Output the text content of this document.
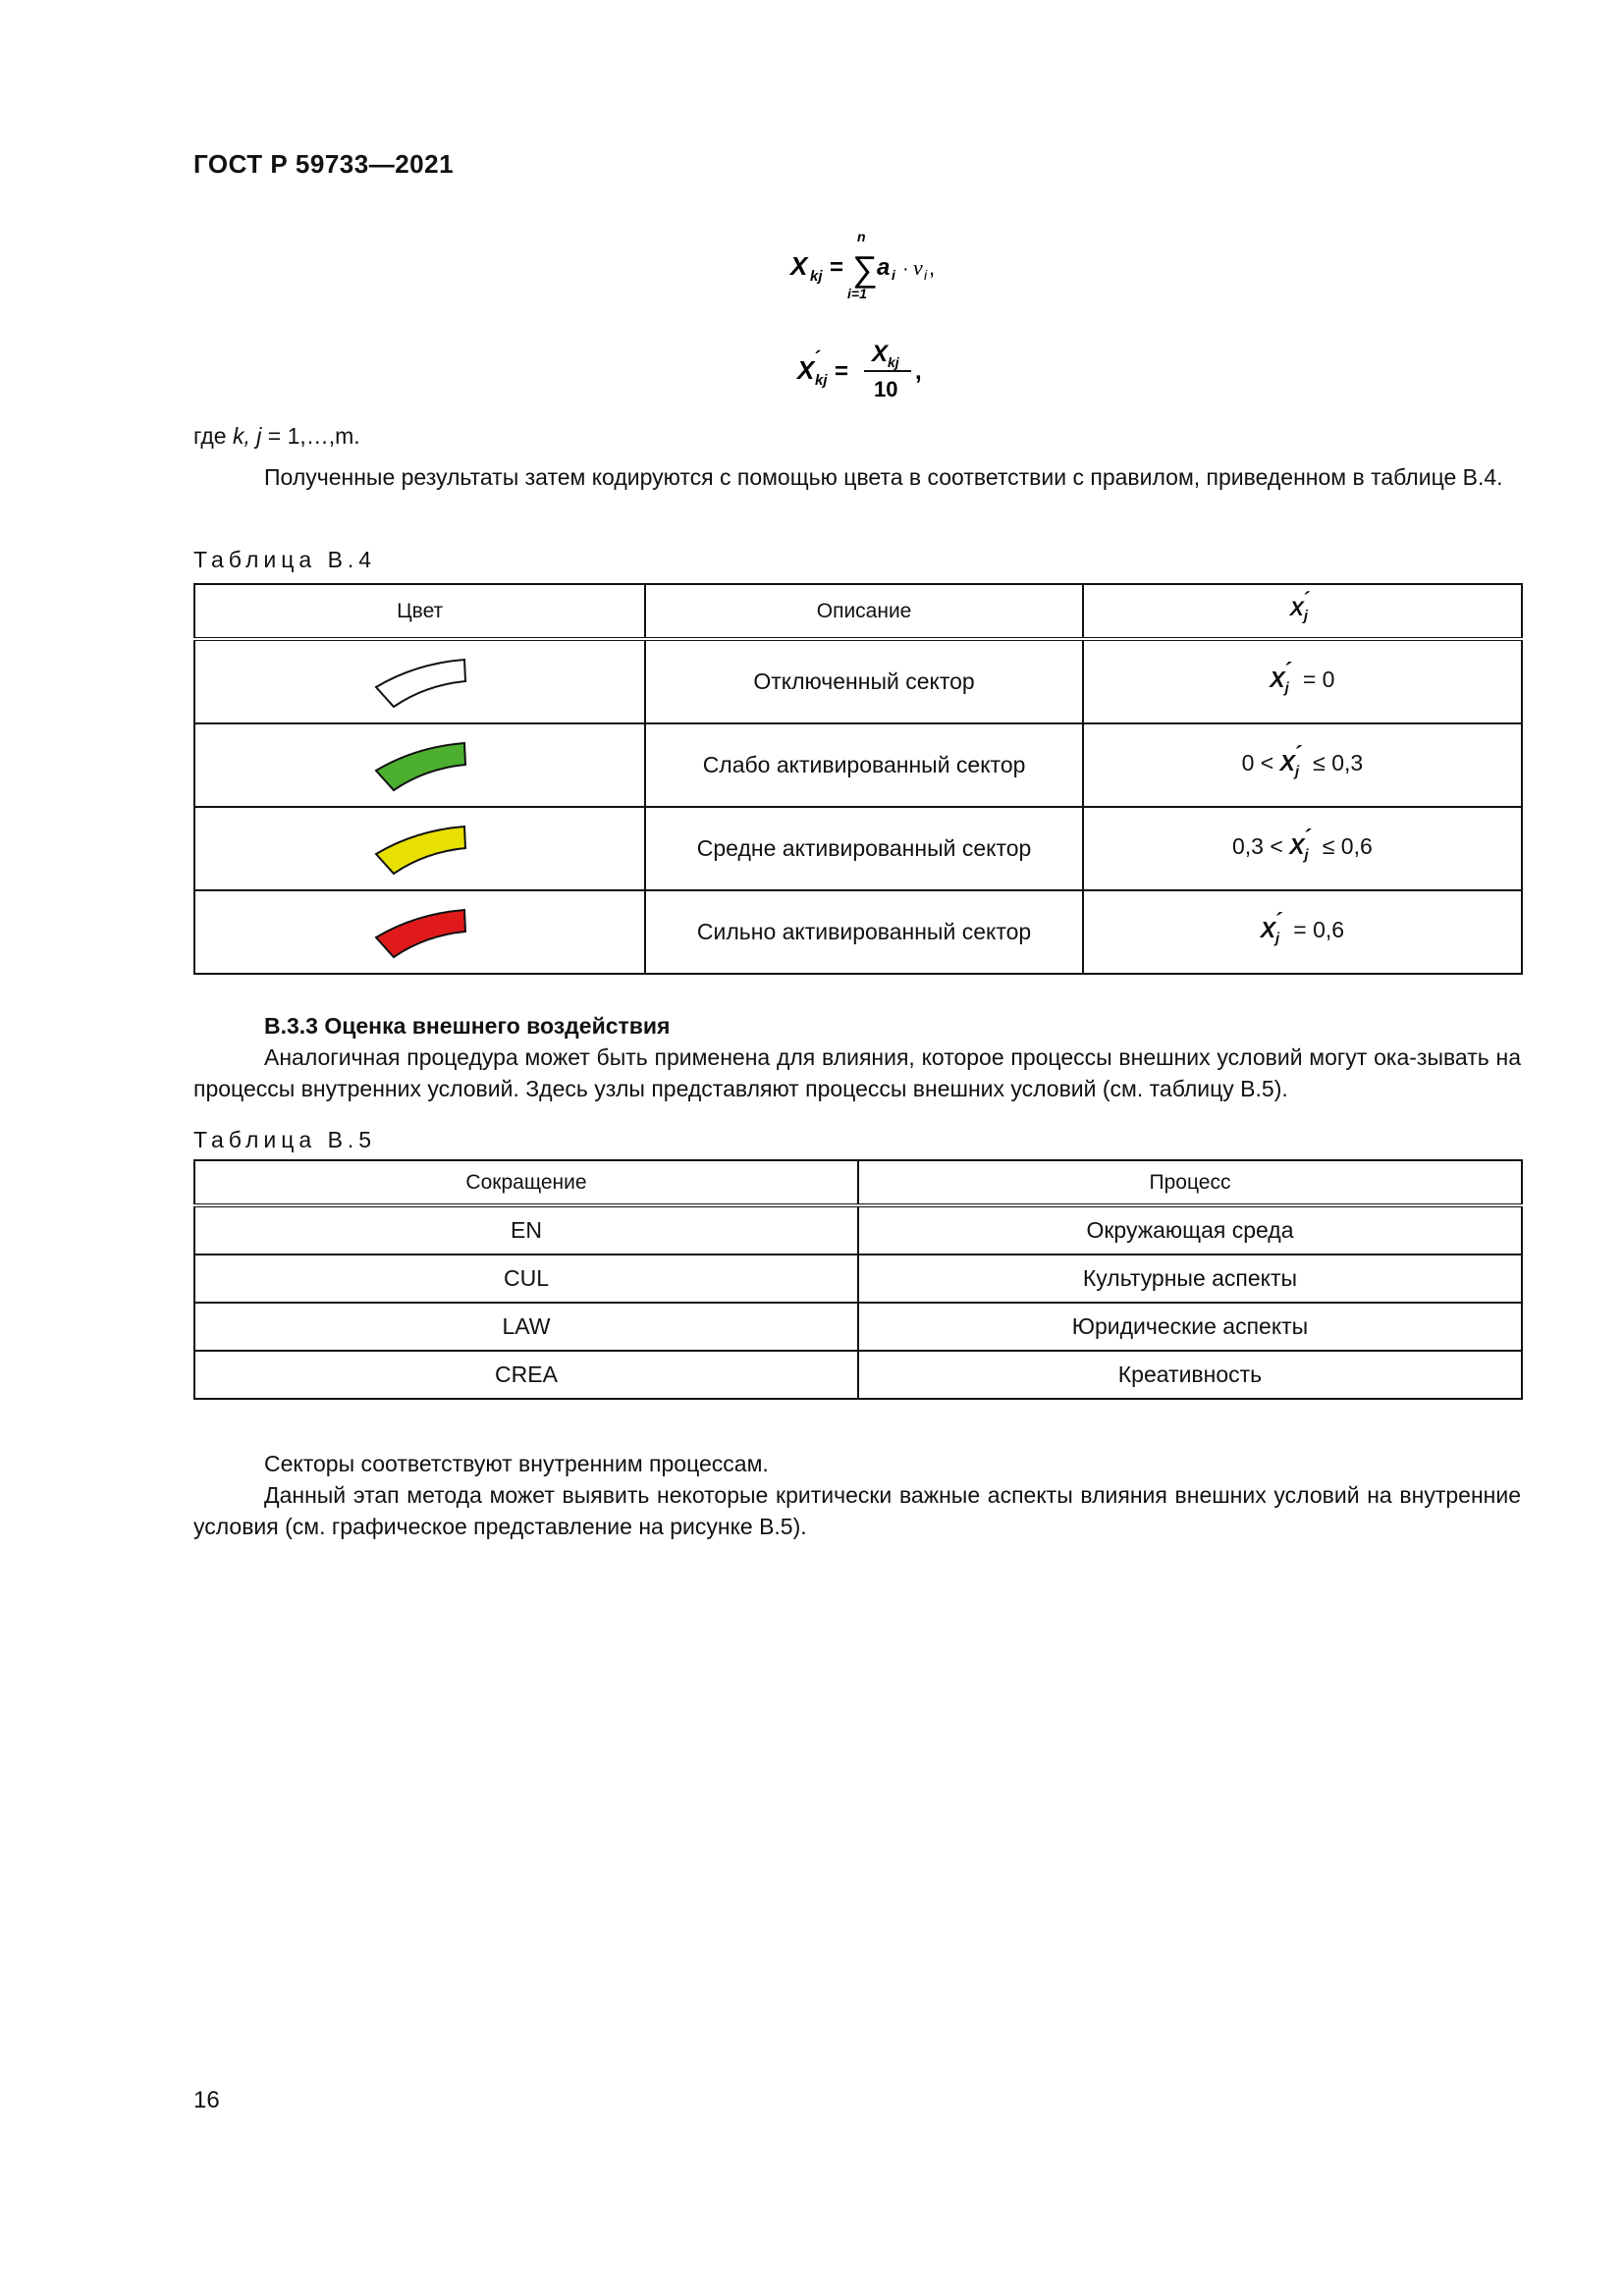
ГОСТ Р 59733—2021
X kj = ∑
n
i=1
a i · v i ,
X
´
kj =
X kj
10
,
где k, j = 1,…,m.
Полученные результаты затем кодируются с помощью цвета в соответствии с правилом, приведенном в таблице В.4.
Таблица В.4
Цвет	Описание	$X_j´$
	Отключенный сектор	$X_j´ = 0$
	Слабо активированный сектор	$0 < X_j´ \le 0,3$
	Средне активированный сектор	$0,3 < X_j´ \le 0,6$
	Сильно активированный сектор	$X_j´ = 0,6$
В.3.3 Оценка внешнего воздействия
Аналогичная процедура может быть применена для влияния, которое процессы внешних условий могут ока-зывать на процессы внутренних условий. Здесь узлы представляют процессы внешних условий (см. таблицу В.5).
Таблица В.5
Сокращение	Процесс
EN	Окружающая среда
CUL	Культурные аспекты
LAW	Юридические аспекты
CREA	Креативность
Секторы соответствуют внутренним процессам.
Данный этап метода может выявить некоторые критически важные аспекты влияния внешних условий на внутренние условия (см. графическое представление на рисунке В.5).
16
